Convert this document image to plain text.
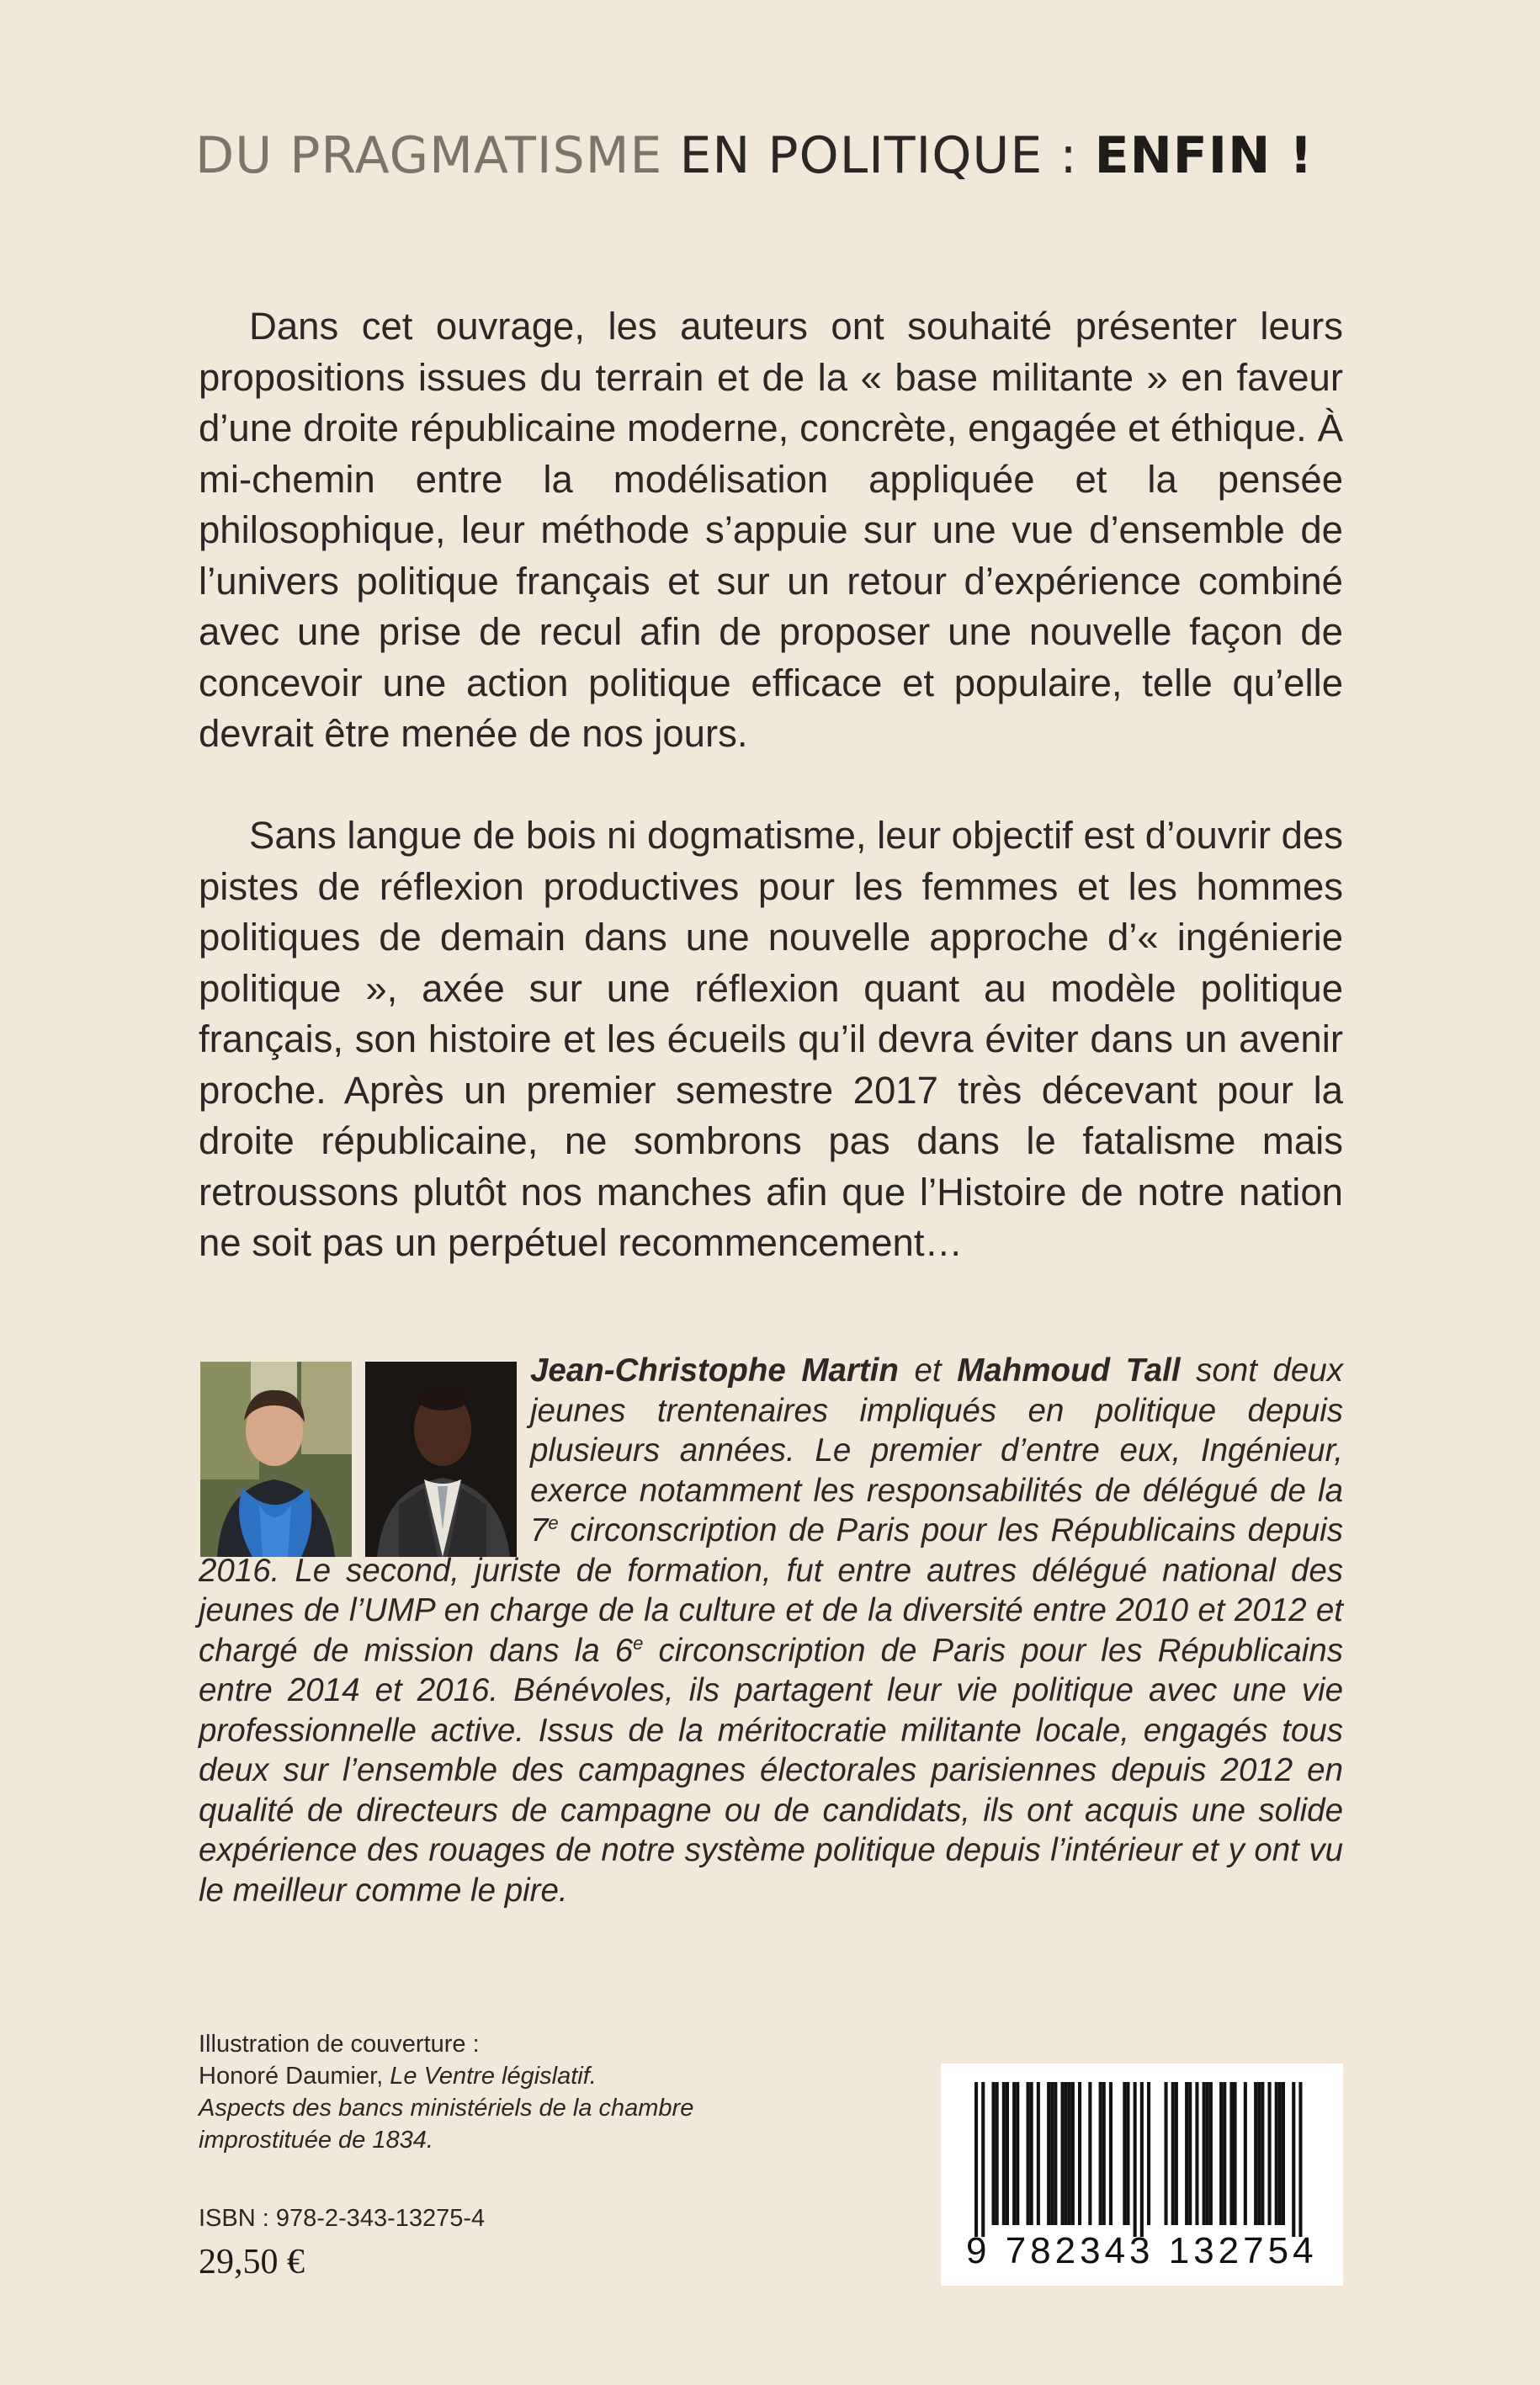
DU PRAGMATISME EN POLITIQUE : ENFIN !

Dans cet ouvrage, les auteurs ont souhaité présenter leurs propositions issues du terrain et de la « base militante » en faveur d’une droite républicaine moderne, concrète, engagée et éthique. À mi-chemin entre la modélisation appliquée et la pensée philosophique, leur méthode s’appuie sur une vue d’ensemble de l’univers politique français et sur un retour d’expérience combiné avec une prise de recul afin de proposer une nouvelle façon de concevoir une action politique efficace et populaire, telle qu’elle devrait être menée de nos jours.

Sans langue de bois ni dogmatisme, leur objectif est d’ouvrir des pistes de réflexion productives pour les femmes et les hommes politiques de demain dans une nouvelle approche d’« ingénierie politique », axée sur une réflexion quant au modèle politique français, son histoire et les écueils qu’il devra éviter dans un avenir proche. Après un premier semestre 2017 très décevant pour la droite républicaine, ne sombrons pas dans le fatalisme mais retroussons plutôt nos manches afin que l’Histoire de notre nation ne soit pas un perpétuel recommencement…

Jean-Christophe Martin et Mahmoud Tall sont deux jeunes trentenaires impliqués en politique depuis plusieurs années. Le premier d’entre eux, Ingénieur, exerce notamment les responsabilités de délégué de la 7e circonscription de Paris pour les Républicains depuis 2016. Le second, juriste de formation, fut entre autres délégué national des jeunes de l’UMP en charge de la culture et de la diversité entre 2010 et 2012 et chargé de mission dans la 6e circonscription de Paris pour les Républicains entre 2014 et 2016. Bénévoles, ils partagent leur vie politique avec une vie professionnelle active. Issus de la méritocratie militante locale, engagés tous deux sur l’ensemble des campagnes électorales parisiennes depuis 2012 en qualité de directeurs de campagne ou de candidats, ils ont acquis une solide expérience des rouages de notre système politique depuis l’intérieur et y ont vu le meilleur comme le pire.

Illustration de couverture :
Honoré Daumier, Le Ventre législatif.
Aspects des bancs ministériels de la chambre
improstituée de 1834.
ISBN : 978-2-343-13275-4
29,50 €	9 782343 132754
